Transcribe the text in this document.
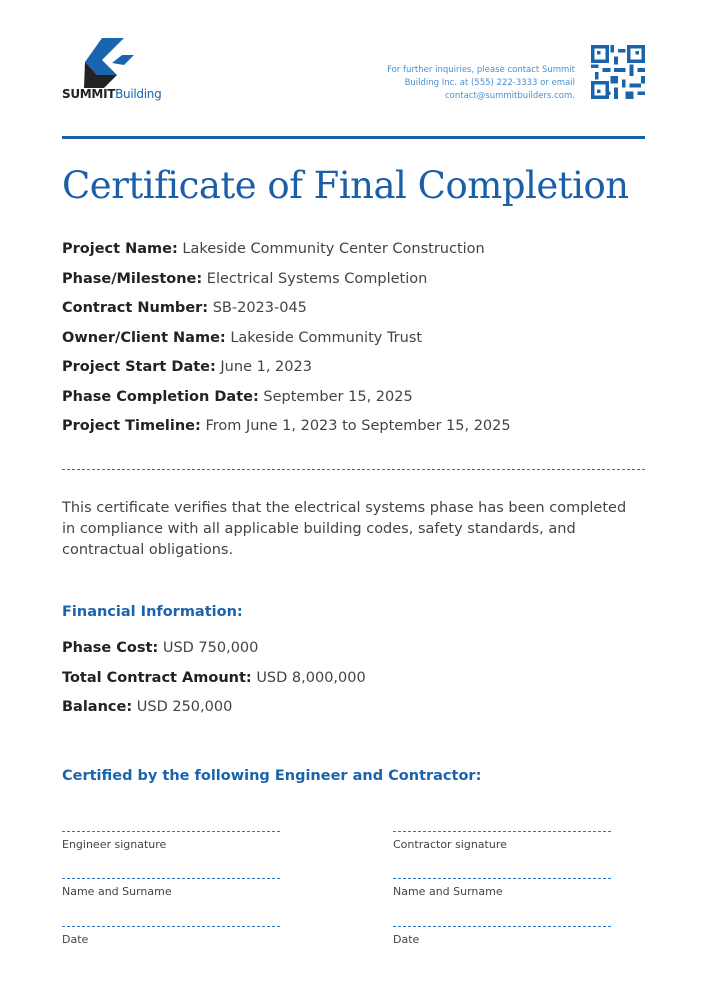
SUMMITBuilding
For further inquiries, please contact Summit Building Inc. at (555) 222-3333 or email contact@summitbuilders.com.
Certificate of Final Completion
Project Name: Lakeside Community Center Construction
Phase/Milestone: Electrical Systems Completion
Contract Number: SB-2023-045
Owner/Client Name: Lakeside Community Trust
Project Start Date: June 1, 2023
Phase Completion Date: September 15, 2025
Project Timeline: From June 1, 2023 to September 15, 2025
This certificate verifies that the electrical systems phase has been completed in compliance with all applicable building codes, safety standards, and contractual obligations.
Financial Information:
Phase Cost: USD 750,000
Total Contract Amount: USD 8,000,000
Balance: USD 250,000
Certified by the following Engineer and Contractor:
Engineer signature
Name and Surname
Date
Contractor signature
Name and Surname
Date
